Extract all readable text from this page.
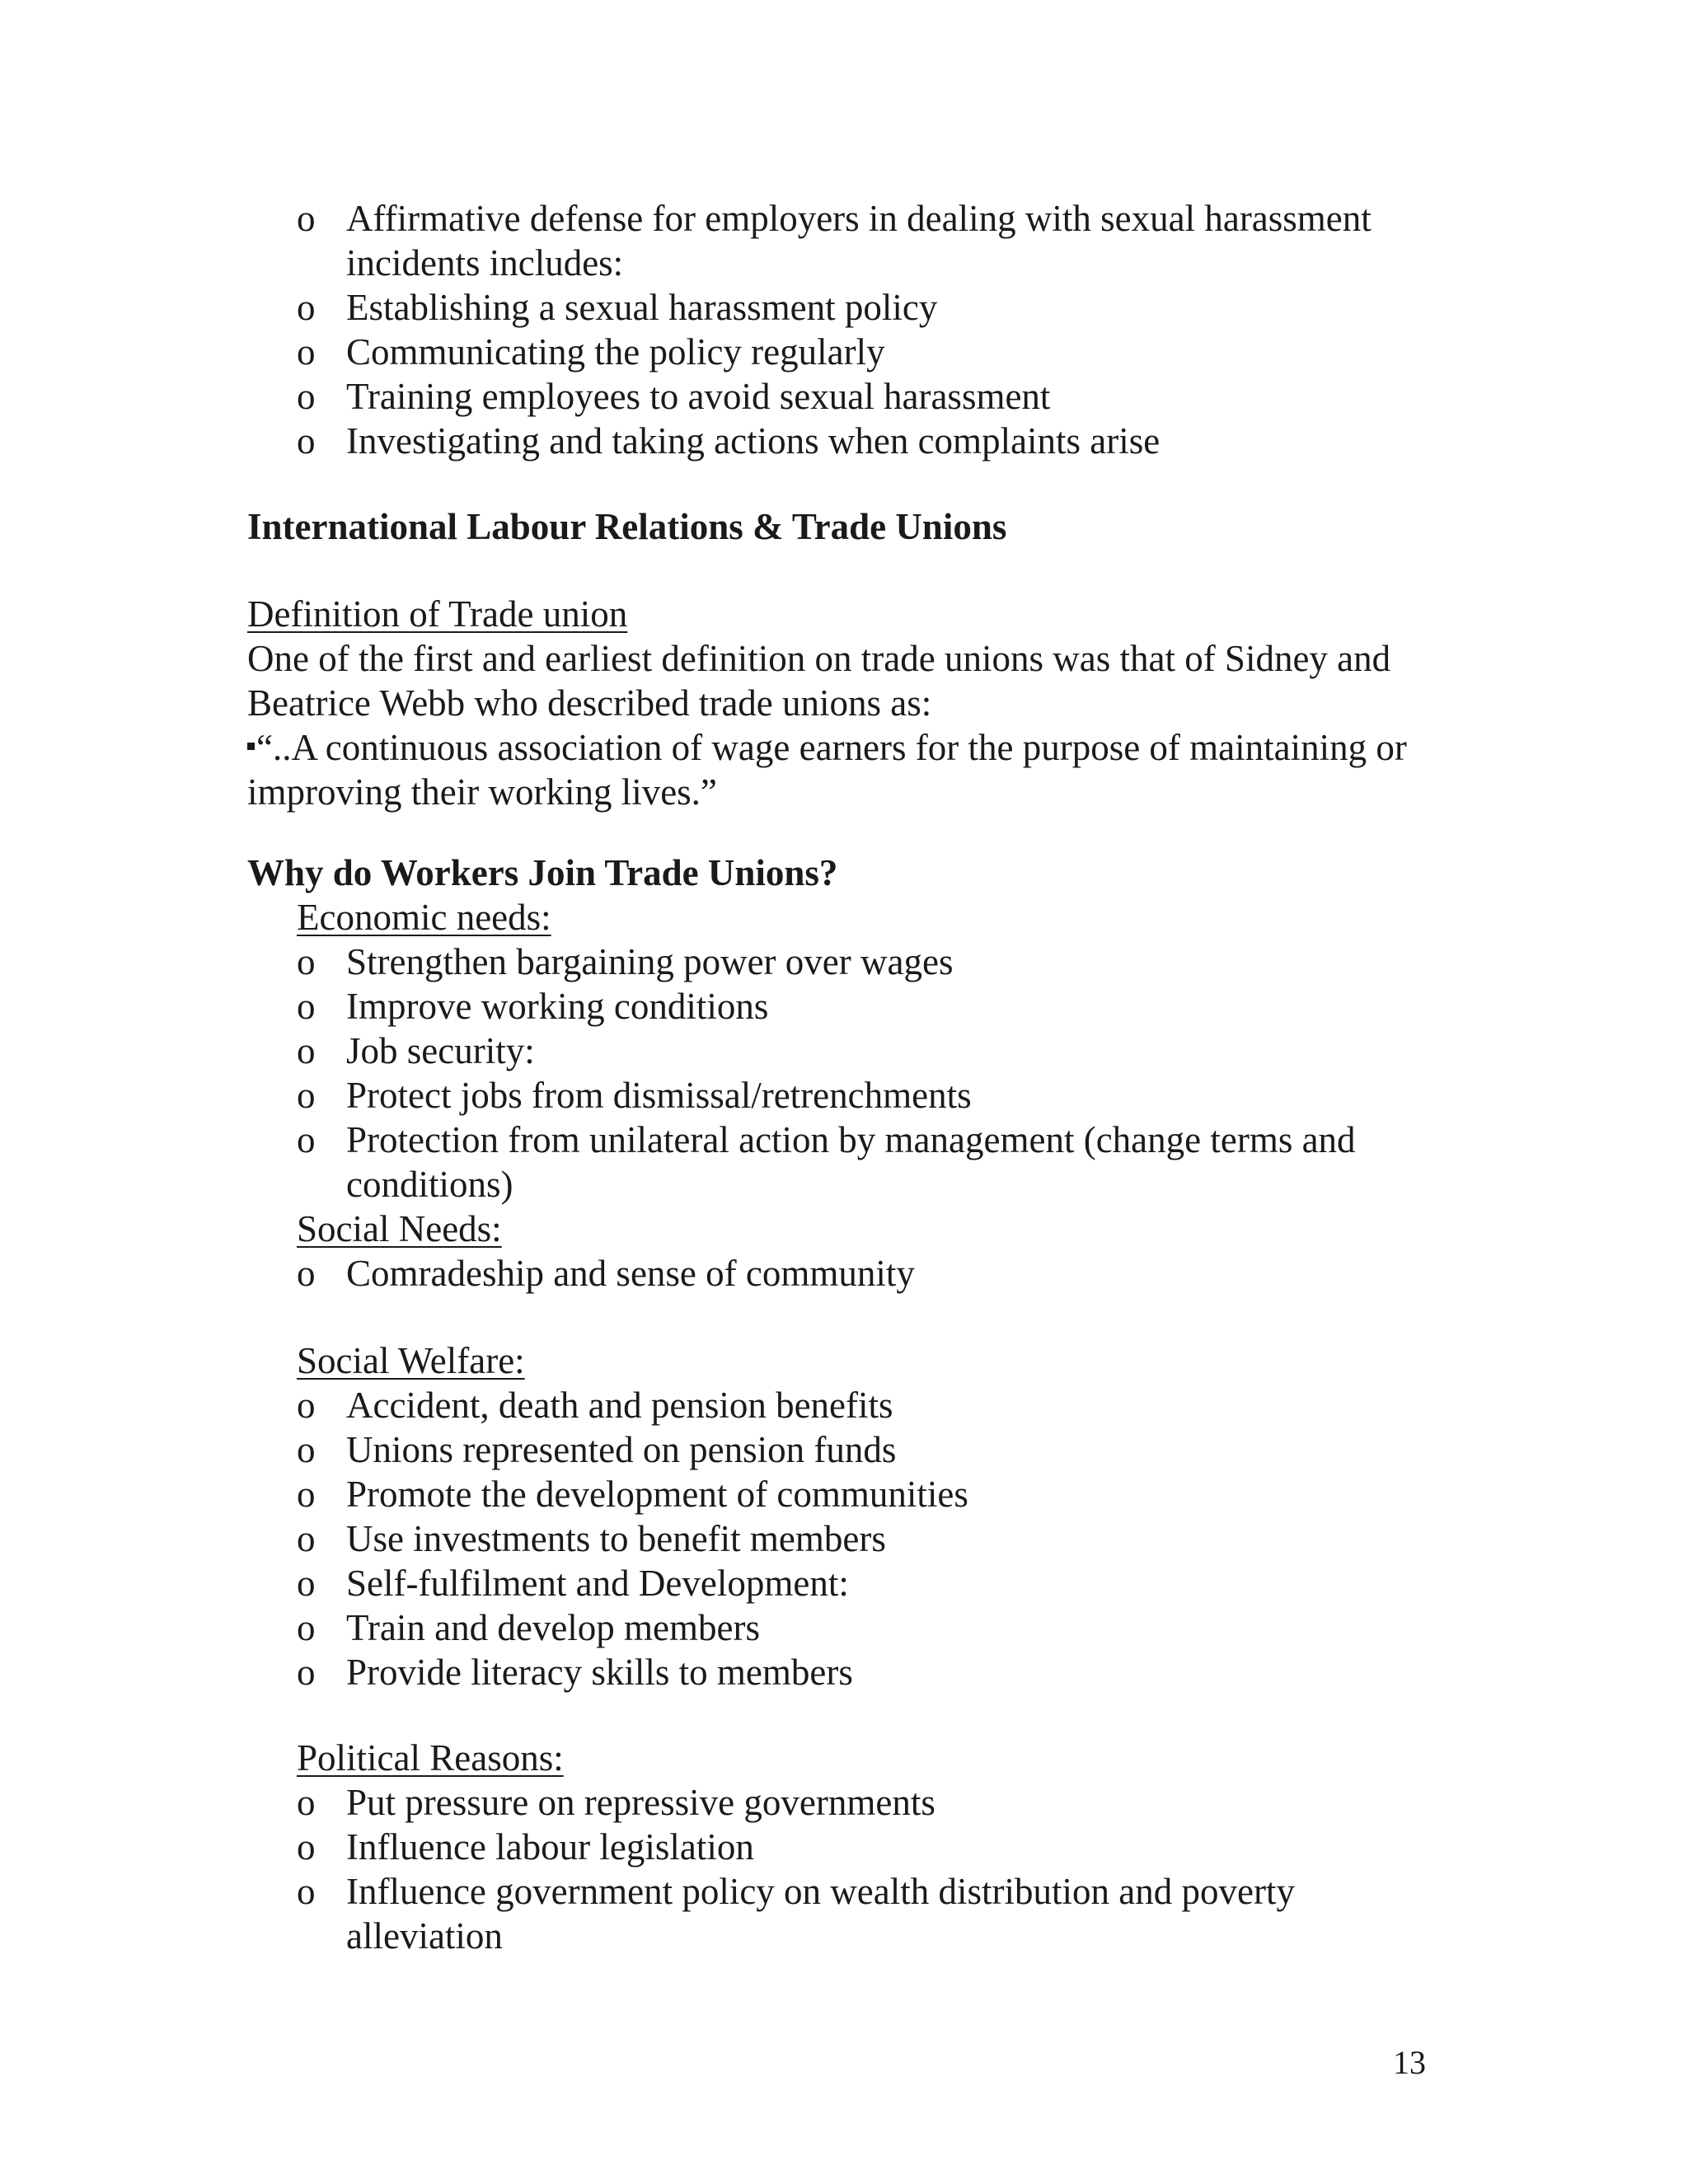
o Affirmative defense for employers in dealing with sexual harassment
incidents includes:
o Establishing a sexual harassment policy
o Communicating the policy regularly
o Training employees to avoid sexual harassment
o Investigating and taking actions when complaints arise
International Labour Relations & Trade Unions
Definition of Trade union
One of the first and earliest definition on trade unions was that of Sidney and
Beatrice Webb who described trade unions as:
“..A continuous association of wage earners for the purpose of maintaining or
improving their working lives.”
Why do Workers Join Trade Unions?
Economic needs:
o Strengthen bargaining power over wages
o Improve working conditions
o Job security:
o Protect jobs from dismissal/retrenchments
o Protection from unilateral action by management (change terms and
conditions)
Social Needs:
o Comradeship and sense of community
Social Welfare:
o Accident, death and pension benefits
o Unions represented on pension funds
o Promote the development of communities
o Use investments to benefit members
o Self-fulfilment and Development:
o Train and develop members
o Provide literacy skills to members
Political Reasons:
o Put pressure on repressive governments
o Influence labour legislation
o Influence government policy on wealth distribution and poverty
alleviation
13
